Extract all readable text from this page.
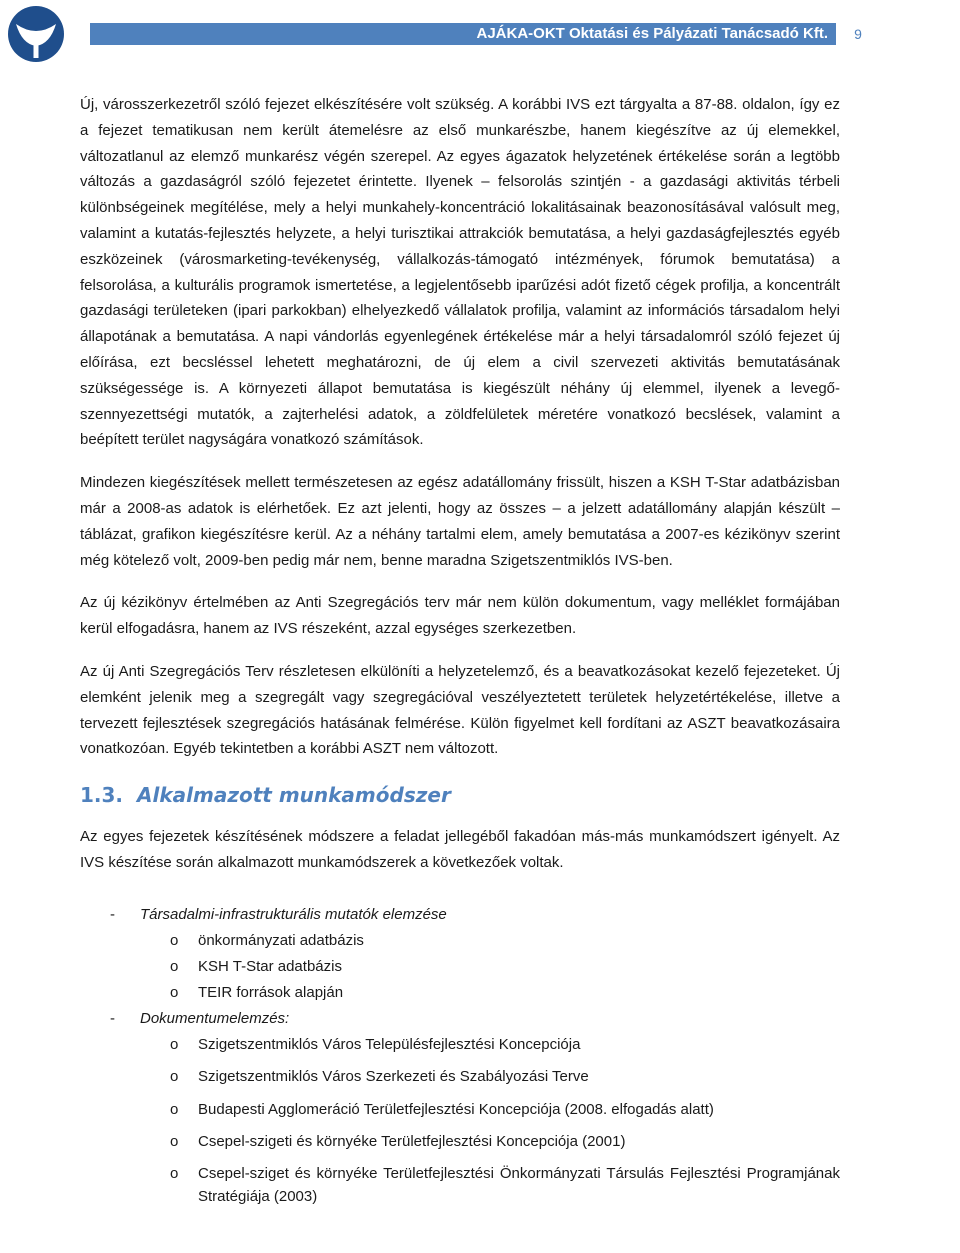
AJÁKA-OKT Oktatási és Pályázati Tanácsadó Kft.	9

Új, városszerkezetről szóló fejezet elkészítésére volt szükség. A korábbi IVS ezt tárgyalta a 87-88. oldalon, így ez a fejezet tematikusan nem került átemelésre az első munkarészbe, hanem kiegészítve az új elemekkel, változatlanul az elemző munkarész végén szerepel. Az egyes ágazatok helyzetének értékelése során a legtöbb változás a gazdaságról szóló fejezetet érintette. Ilyenek – felsorolás szintjén - a gazdasági aktivitás térbeli különbségeinek megítélése, mely a helyi munkahely-koncentráció lokalitásainak beazonosításával valósult meg, valamint a kutatás-fejlesztés helyzete, a helyi turisztikai attrakciók bemutatása, a helyi gazdaságfejlesztés egyéb eszközeinek (városmarketing-tevékenység, vállalkozás-támogató intézmények, fórumok bemutatása) a felsorolása, a kulturális programok ismertetése, a legjelentősebb iparűzési adót fizető cégek profilja, a koncentrált gazdasági területeken (ipari parkokban) elhelyezkedő vállalatok profilja, valamint az információs társadalom helyi állapotának a bemutatása. A napi vándorlás egyenlegének értékelése már a helyi társadalomról szóló fejezet új előírása, ezt becsléssel lehetett meghatározni, de új elem a civil szervezeti aktivitás bemutatásának szükségessége is. A környezeti állapot bemutatása is kiegészült néhány új elemmel, ilyenek a levegő-szennyezettségi mutatók, a zajterhelési adatok, a zöldfelületek méretére vonatkozó becslések, valamint a beépített terület nagyságára vonatkozó számítások.

Mindezen kiegészítések mellett természetesen az egész adatállomány frissült, hiszen a KSH T-Star adatbázisban már a 2008-as adatok is elérhetőek. Ez azt jelenti, hogy az összes – a jelzett adatállomány alapján készült – táblázat, grafikon kiegészítésre kerül. Az a néhány tartalmi elem, amely bemutatása a 2007-es kézikönyv szerint még kötelező volt, 2009-ben pedig már nem, benne maradna Szigetszentmiklós IVS-ben.

Az új kézikönyv értelmében az Anti Szegregációs terv már nem külön dokumentum, vagy melléklet formájában kerül elfogadásra, hanem az IVS részeként, azzal egységes szerkezetben.

Az új Anti Szegregációs Terv részletesen elkülöníti a helyzetelemző, és a beavatkozásokat kezelő fejezeteket. Új elemként jelenik meg a szegregált vagy szegregációval veszélyeztetett területek helyzetértékelése, illetve a tervezett fejlesztések szegregációs hatásának felmérése. Külön figyelmet kell fordítani az ASZT beavatkozásaira vonatkozóan. Egyéb tekintetben a korábbi ASZT nem változott.

1.3. Alkalmazott munkamódszer

Az egyes fejezetek készítésének módszere a feladat jellegéből fakadóan más-más munkamódszert igényelt. Az IVS készítése során alkalmazott munkamódszerek a következőek voltak.

- Társadalmi-infrastrukturális mutatók elemzése
o önkormányzati adatbázis
o KSH T-Star adatbázis
o TEIR források alapján
- Dokumentumelemzés:
o Szigetszentmiklós Város Településfejlesztési Koncepciója
o Szigetszentmiklós Város Szerkezeti és Szabályozási Terve
o Budapesti Agglomeráció Területfejlesztési Koncepciója (2008. elfogadás alatt)
o Csepel-szigeti és környéke Területfejlesztési Koncepciója (2001)
o Csepel-sziget és környéke Területfejlesztési Önkormányzati Társulás Fejlesztési Programjának Stratégiája (2003)
